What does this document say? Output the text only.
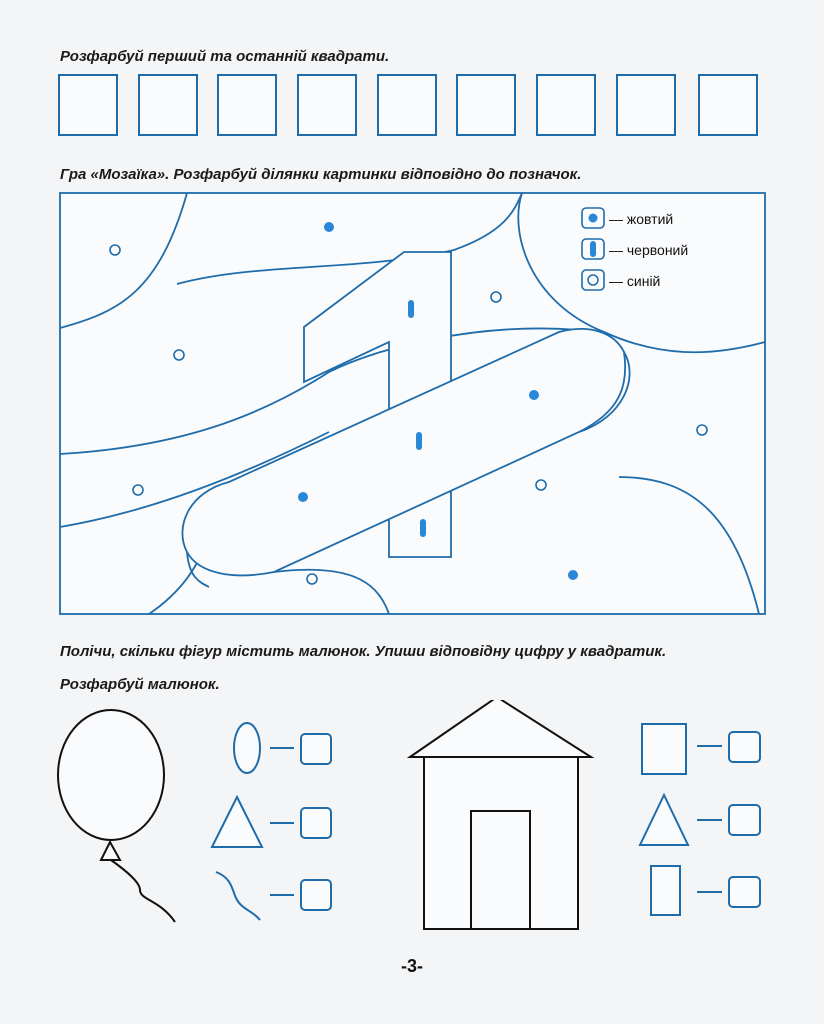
Розфарбуй перший та останній квадрати.

Гра «Мозаїка». Розфарбуй ділянки картинки відповідно до позначок.

— жовтий
— червоний
— синій

Полічи, скільки фігур містить малюнок. Упиши відповідну цифру у квадратик.

Розфарбуй малюнок.

-3-
